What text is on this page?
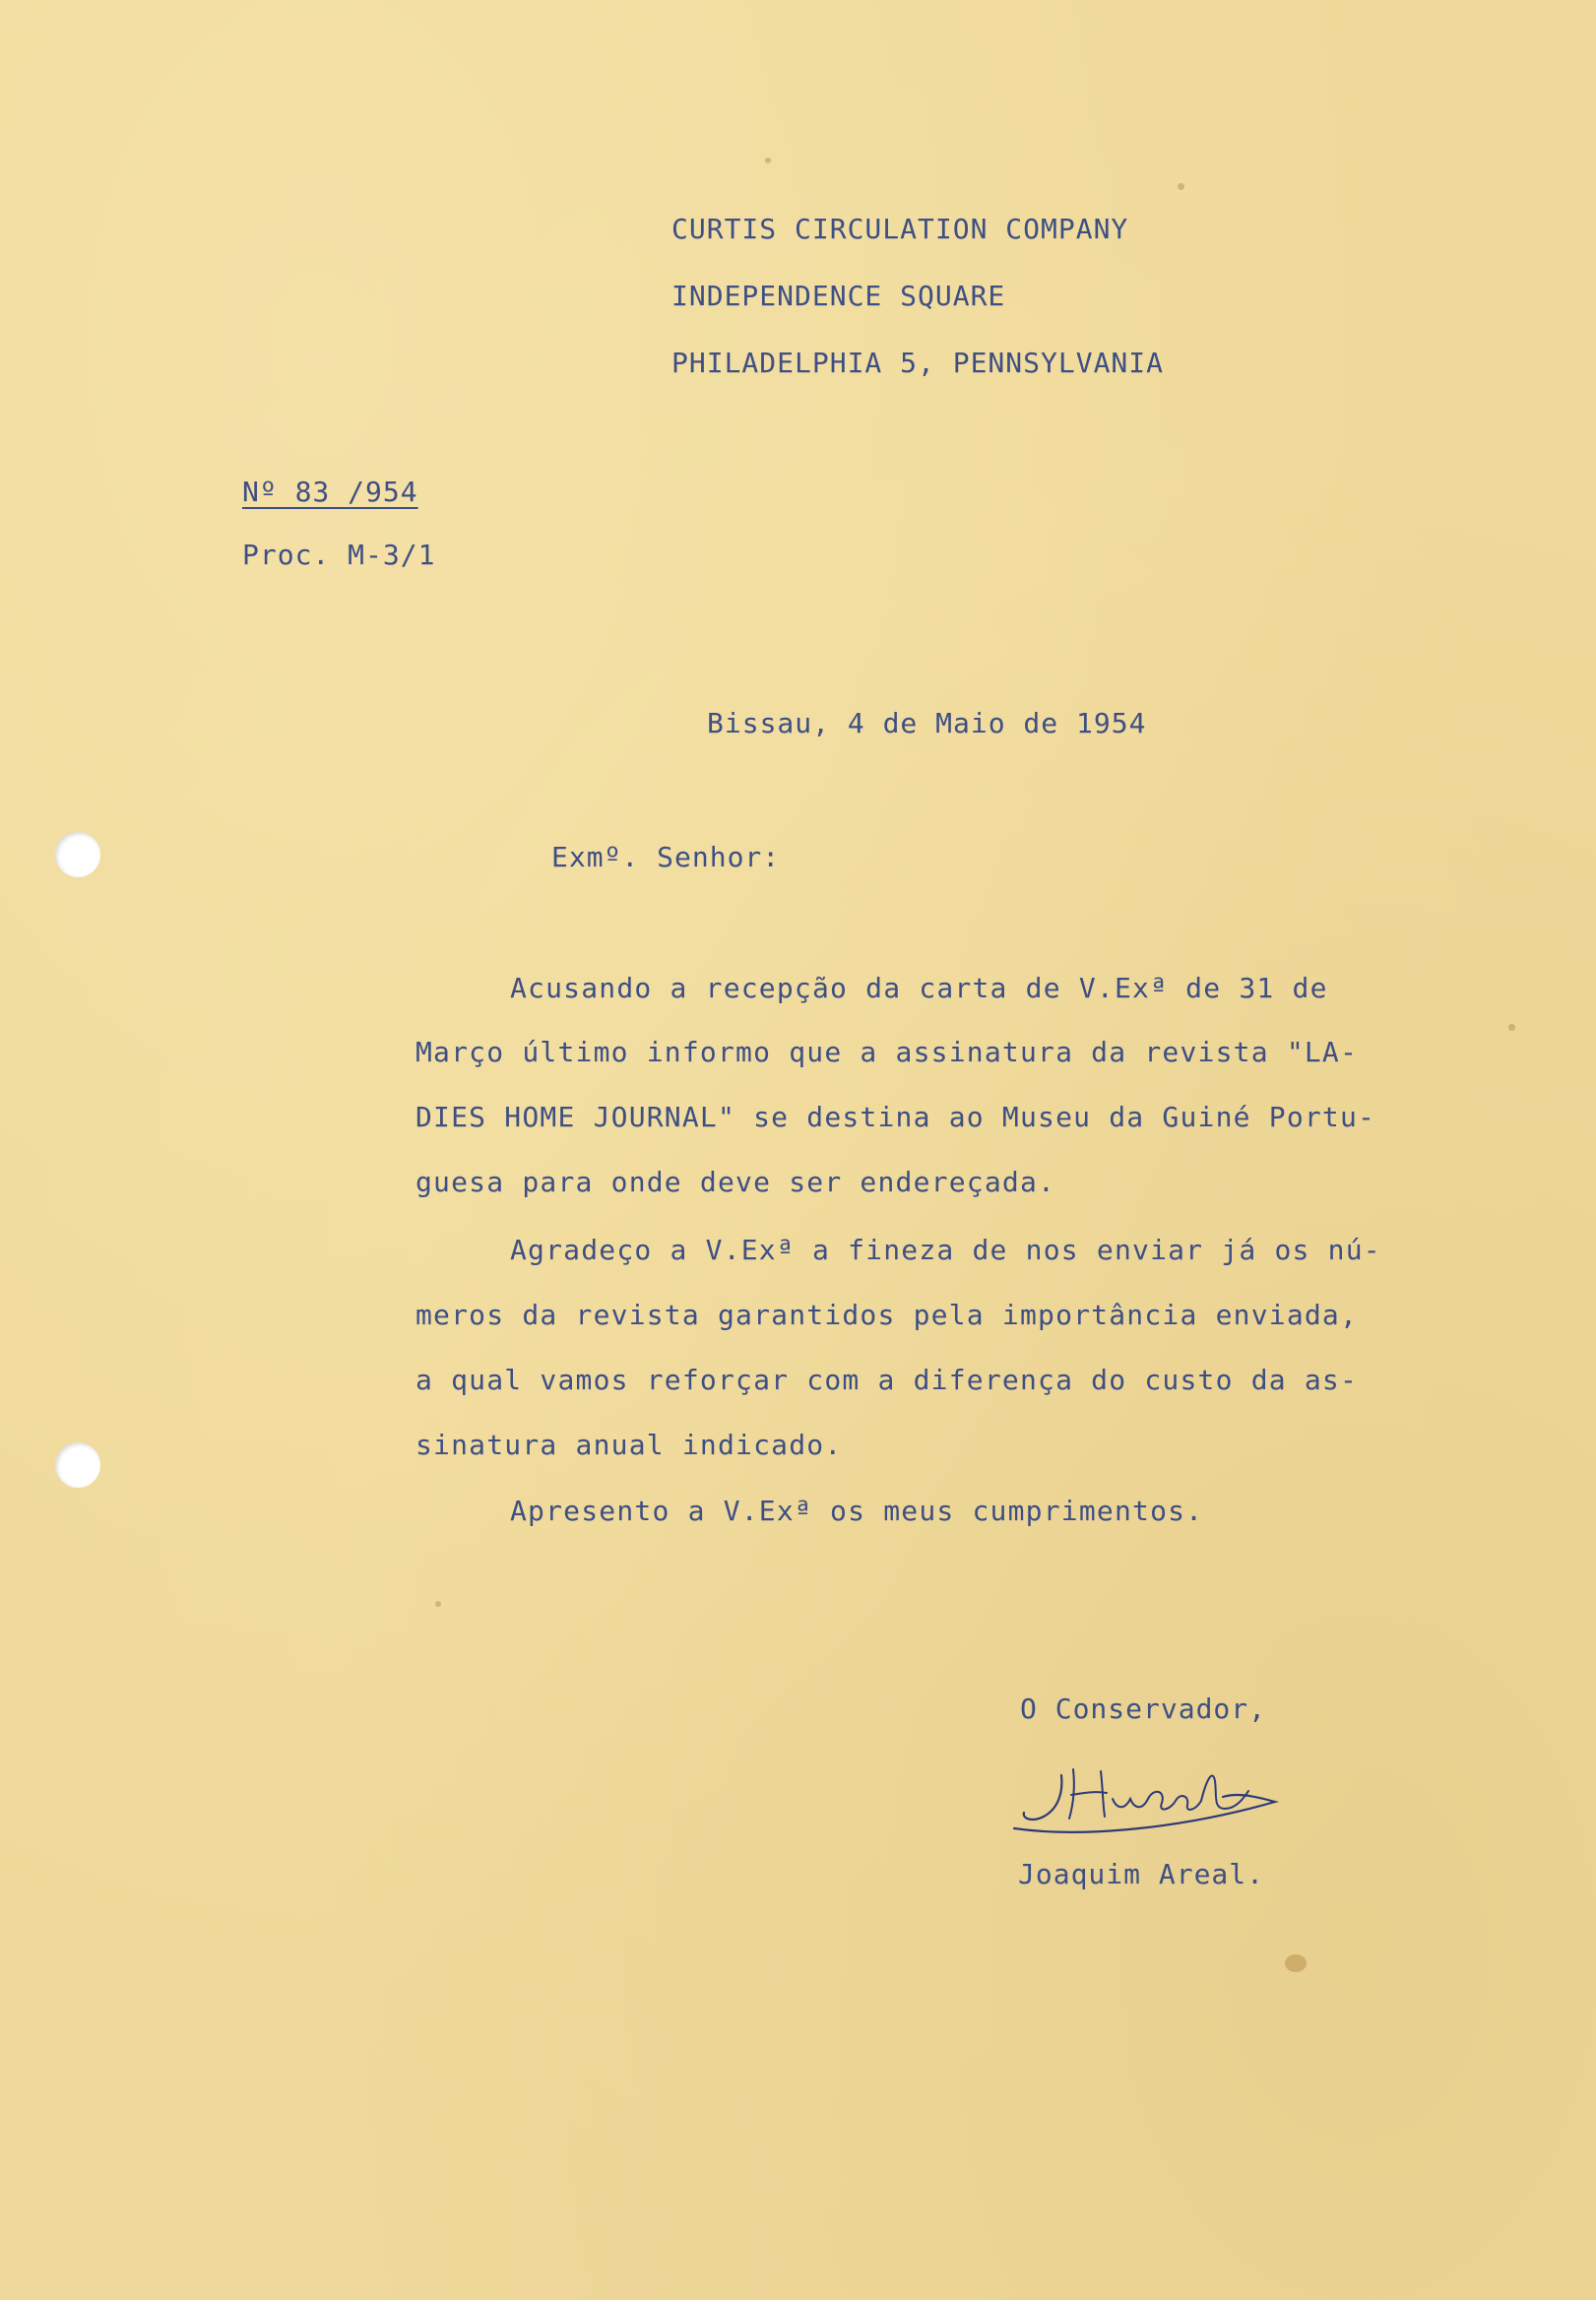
CURTIS CIRCULATION COMPANY
INDEPENDENCE SQUARE
PHILADELPHIA 5, PENNSYLVANIA
Nº 83 /954
Proc. M-3/1
Bissau, 4 de Maio de 1954
Exmº. Senhor:
Acusando a recepção da carta de V.Exª de 31 de
Março último informo que a assinatura da revista "LA-
DIES HOME JOURNAL" se destina ao Museu da Guiné Portu-
guesa para onde deve ser endereçada.
Agradeço a V.Exª a fineza de nos enviar já os nú-
meros da revista garantidos pela importância enviada,
a qual vamos reforçar com a diferença do custo da as-
sinatura anual indicado.
Apresento a V.Exª os meus cumprimentos.
O Conservador,
Joaquim Areal.
